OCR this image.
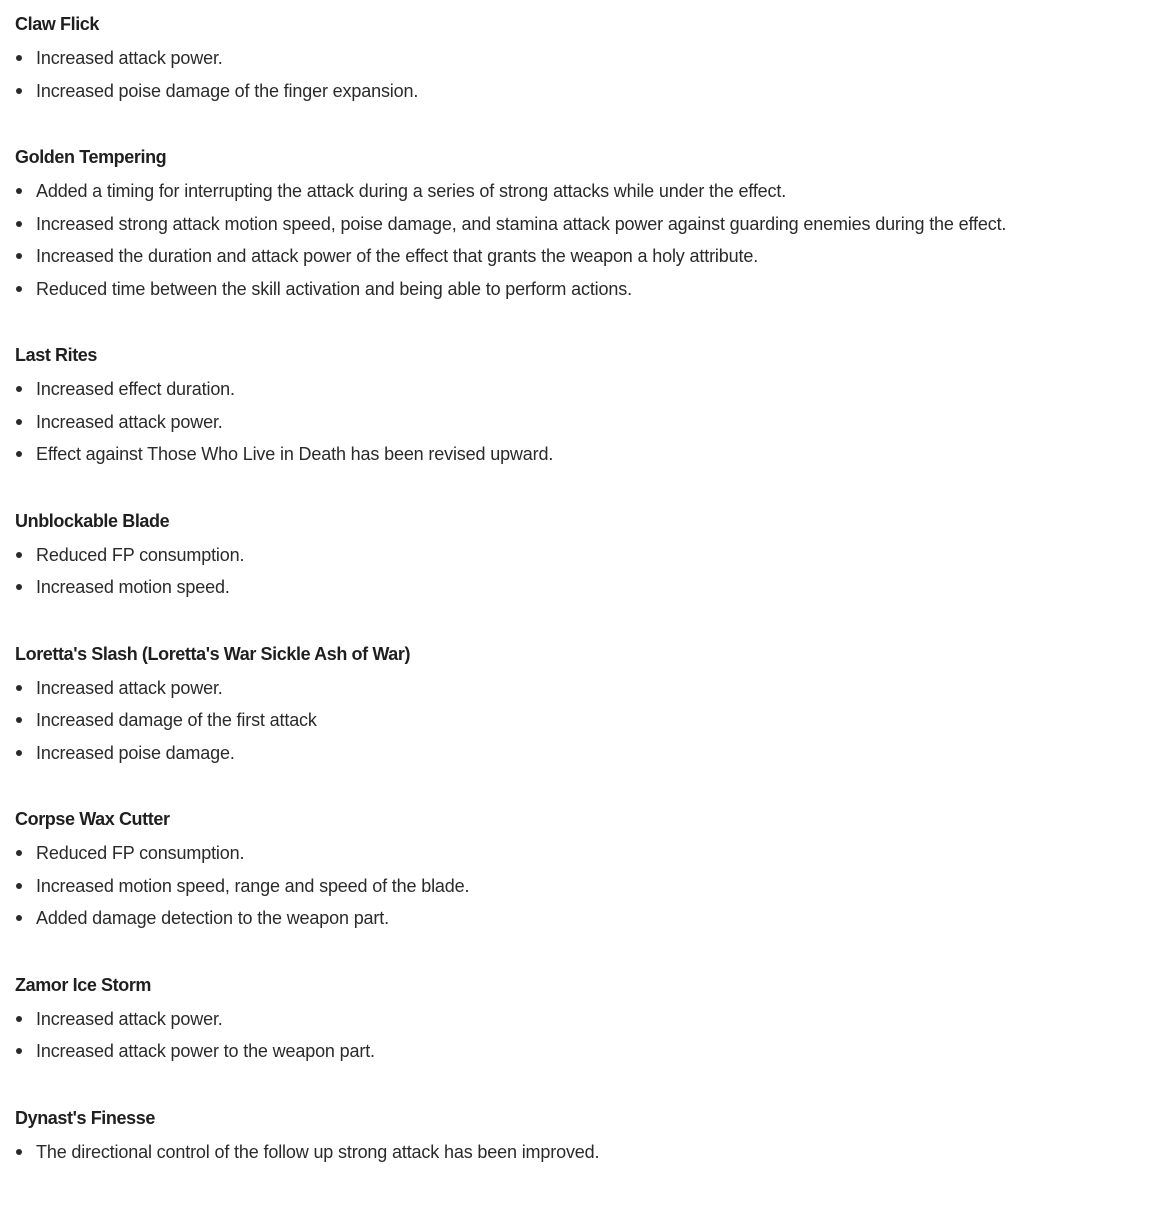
Claw Flick
Increased attack power.
Increased poise damage of the finger expansion.
Golden Tempering
Added a timing for interrupting the attack during a series of strong attacks while under the effect.
Increased strong attack motion speed, poise damage, and stamina attack power against guarding enemies during the effect.
Increased the duration and attack power of the effect that grants the weapon a holy attribute.
Reduced time between the skill activation and being able to perform actions.
Last Rites
Increased effect duration.
Increased attack power.
Effect against Those Who Live in Death has been revised upward.
Unblockable Blade
Reduced FP consumption.
Increased motion speed.
Loretta's Slash (Loretta's War Sickle Ash of War)
Increased attack power.
Increased damage of the first attack
Increased poise damage.
Corpse Wax Cutter
Reduced FP consumption.
Increased motion speed, range and speed of the blade.
Added damage detection to the weapon part.
Zamor Ice Storm
Increased attack power.
Increased attack power to the weapon part.
Dynast's Finesse
The directional control of the follow up strong attack has been improved.
